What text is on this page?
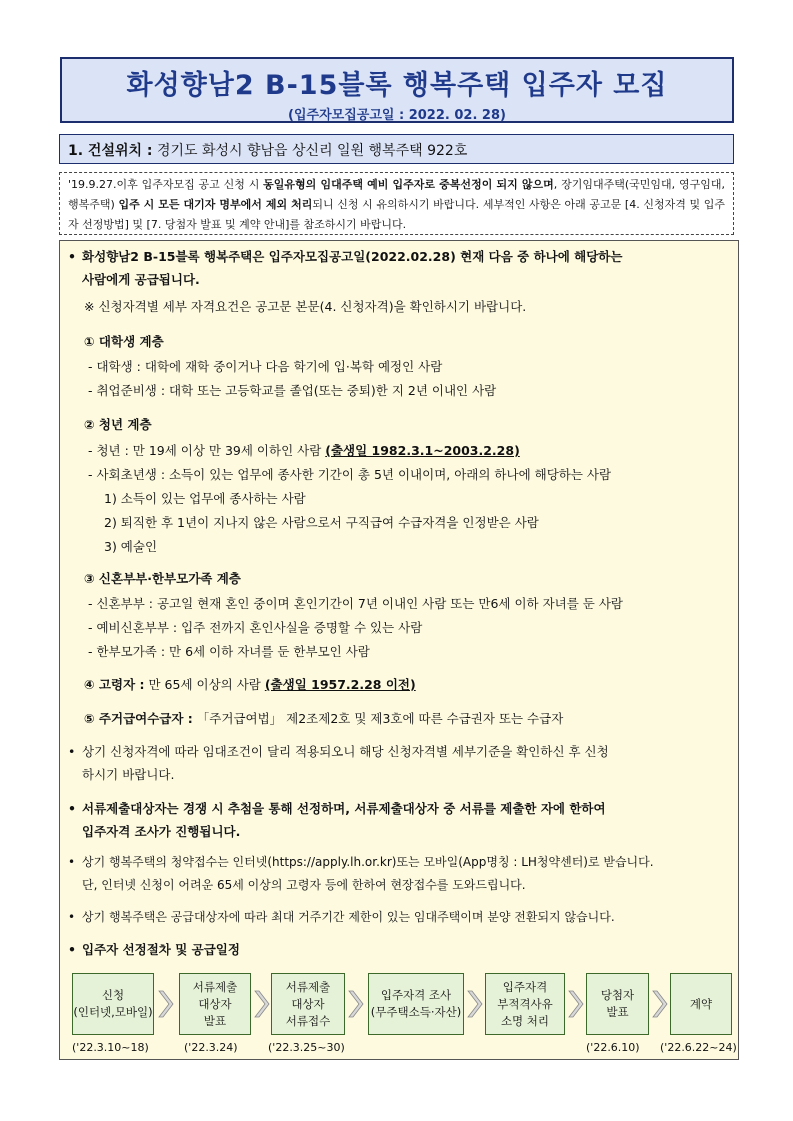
화성향남2 B-15블록 행복주택 입주자 모집
(입주자모집공고일 : 2022. 02. 28)
1. 건설위치 : 경기도 화성시 향남읍 상신리 일원 행복주택 922호
'19.9.27.이후 입주자모집 공고 신청 시 동일유형의 임대주택 예비 입주자로 중복선정이 되지 않으며, 장기임대주택(국민임대, 영구임대, 행복주택) 입주 시 모든 대기자 명부에서 제외 처리되니 신청 시 유의하시기 바랍니다. 세부적인 사항은 아래 공고문 [4. 신청자격 및 입주자 선정방법] 및 [7. 당첨자 발표 및 계약 안내]를 참조하시기 바랍니다.
• 화성향남2 B-15블록 행복주택은 입주자모집공고일(2022.02.28) 현재 다음 중 하나에 해당하는
사람에게 공급됩니다.
※ 신청자격별 세부 자격요건은 공고문 본문(4. 신청자격)을 확인하시기 바랍니다.
① 대학생 계층
- 대학생 : 대학에 재학 중이거나 다음 학기에 입·복학 예정인 사람
- 취업준비생 : 대학 또는 고등학교를 졸업(또는 중퇴)한 지 2년 이내인 사람
② 청년 계층
- 청년 : 만 19세 이상 만 39세 이하인 사람 (출생일 1982.3.1~2003.2.28)
- 사회초년생 : 소득이 있는 업무에 종사한 기간이 총 5년 이내이며, 아래의 하나에 해당하는 사람
1) 소득이 있는 업무에 종사하는 사람
2) 퇴직한 후 1년이 지나지 않은 사람으로서 구직급여 수급자격을 인정받은 사람
3) 예술인
③ 신혼부부·한부모가족 계층
- 신혼부부 : 공고일 현재 혼인 중이며 혼인기간이 7년 이내인 사람 또는 만6세 이하 자녀를 둔 사람
- 예비신혼부부 : 입주 전까지 혼인사실을 증명할 수 있는 사람
- 한부모가족 : 만 6세 이하 자녀를 둔 한부모인 사람
④ 고령자 : 만 65세 이상의 사람 (출생일 1957.2.28 이전)
⑤ 주거급여수급자 : 「주거급여법」 제2조제2호 및 제3호에 따른 수급권자 또는 수급자
• 상기 신청자격에 따라 임대조건이 달리 적용되오니 해당 신청자격별 세부기준을 확인하신 후 신청
하시기 바랍니다.
• 서류제출대상자는 경쟁 시 추첨을 통해 선정하며, 서류제출대상자 중 서류를 제출한 자에 한하여
입주자격 조사가 진행됩니다.
• 상기 행복주택의 청약접수는 인터넷(https://apply.lh.or.kr)또는 모바일(App명칭 : LH청약센터)로 받습니다.
단, 인터넷 신청이 어려운 65세 이상의 고령자 등에 한하여 현장접수를 도와드립니다.
• 상기 행복주택은 공급대상자에 따라 최대 거주기간 제한이 있는 임대주택이며 분양 전환되지 않습니다.
• 입주자 선정절차 및 공급일정
신청
(인터넷,모바일)
서류제출
대상자
발표
서류제출
대상자
서류접수
입주자격 조사
(무주택소득·자산)
입주자격
부적격사유
소명 처리
당첨자
발표
계약
('22.3.10~18)	('22.3.24)	('22.3.25~30)	('22.6.10) ('22.6.22~24)
